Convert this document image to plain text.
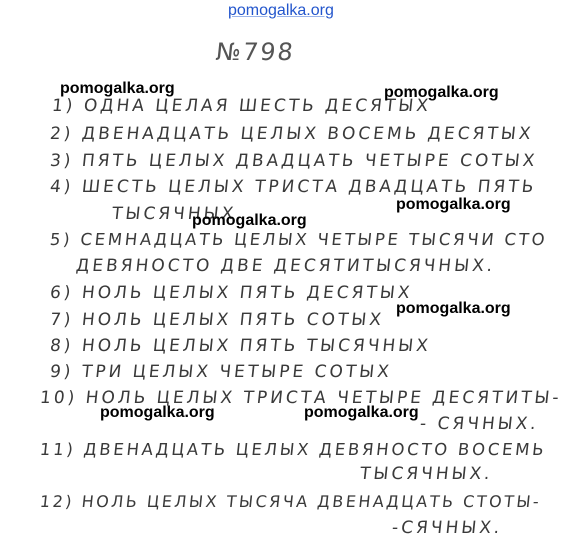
pomogalka.org
№798
1) ОДНА ЦЕЛАЯ ШЕСТЬ ДЕСЯТЫХ
2) ДВЕНАДЦАТЬ ЦЕЛЫХ ВОСЕМЬ ДЕСЯТЫХ
3) ПЯТЬ ЦЕЛЫХ ДВАДЦАТЬ ЧЕТЫРЕ СОТЫХ
4) ШЕСТЬ ЦЕЛЫХ ТРИСТА ДВАДЦАТЬ ПЯТЬ
ТЫСЯЧНЫХ
5) СЕМНАДЦАТЬ ЦЕЛЫХ ЧЕТЫРЕ ТЫСЯЧИ СТО
ДЕВЯНОСТО ДВЕ ДЕСЯТИТЫСЯЧНЫХ.
6) НОЛЬ ЦЕЛЫХ ПЯТЬ ДЕСЯТЫХ
7) НОЛЬ ЦЕЛЫХ ПЯТЬ СОТЫХ
8) НОЛЬ ЦЕЛЫХ ПЯТЬ ТЫСЯЧНЫХ
9) ТРИ ЦЕЛЫХ ЧЕТЫРЕ СОТЫХ
10) НОЛЬ ЦЕЛЫХ ТРИСТА ЧЕТЫРЕ ДЕСЯТИТЫ-
- СЯЧНЫХ.
11) ДВЕНАДЦАТЬ ЦЕЛЫХ ДЕВЯНОСТО ВОСЕМЬ
ТЫСЯЧНЫХ.
12) НОЛЬ ЦЕЛЫХ ТЫСЯЧА ДВЕНАДЦАТЬ СТОТЫ-
-СЯЧНЫХ.
pomogalka.org	pomogalka.org
pomogalka.org
pomogalka.org
pomogalka.org
pomogalka.org	pomogalka.org
